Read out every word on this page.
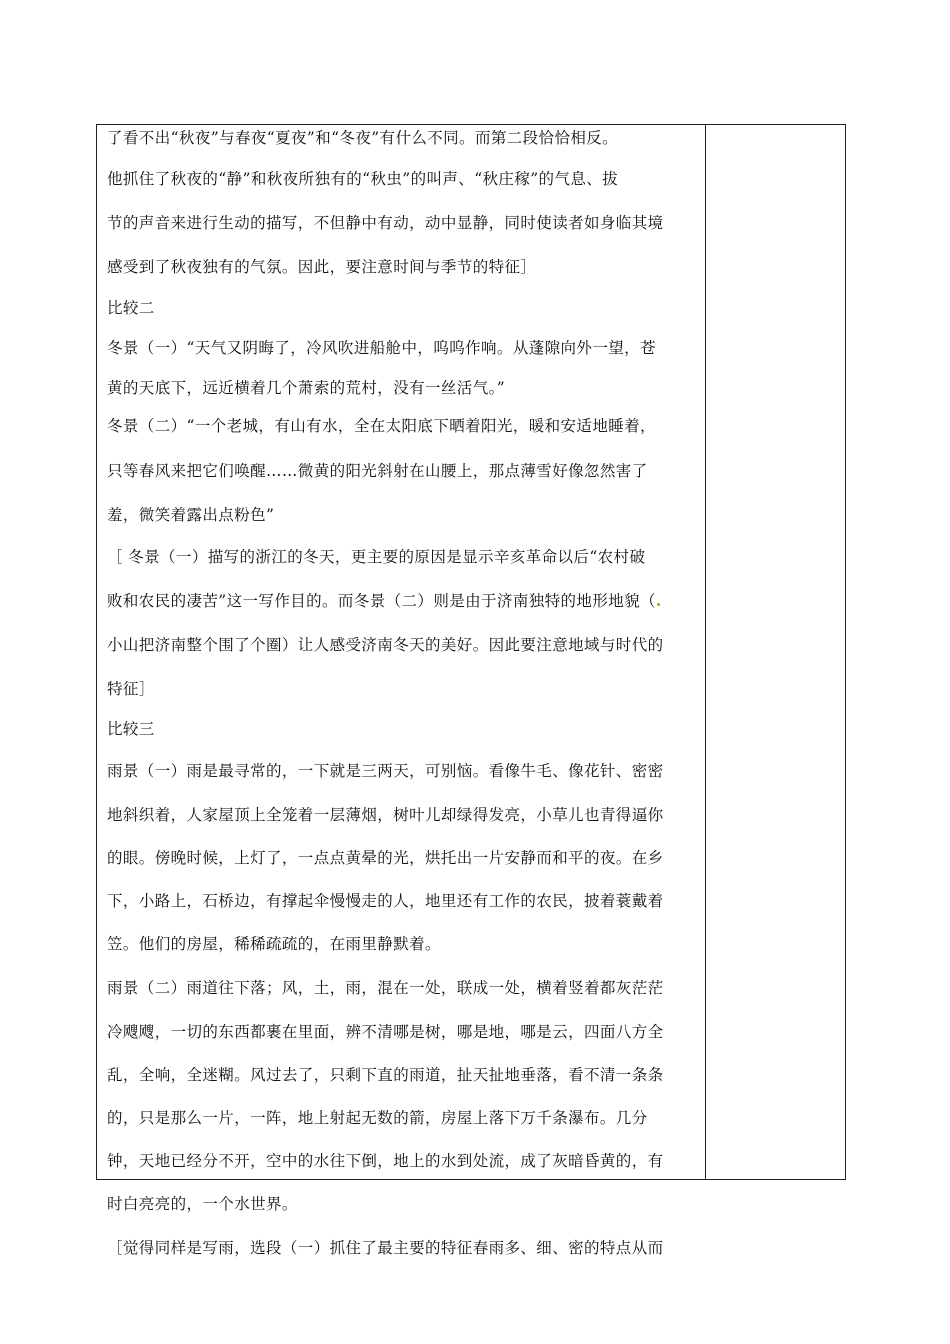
了看不出“秋夜”与春夜“夏夜”和“冬夜”有什么不同。而第二段恰恰相反。
他抓住了秋夜的“静”和秋夜所独有的“秋虫”的叫声、“秋庄稼”的气息、拔
节的声音来进行生动的描写，不但静中有动，动中显静，同时使读者如身临其境
感受到了秋夜独有的气氛。因此，要注意时间与季节的特征］
比较二
冬景（一）“天气又阴晦了，冷风吹进船舱中，呜呜作响。从蓬隙向外一望，苍
黄的天底下，远近横着几个萧索的荒村，没有一丝活气。”
冬景（二）“一个老城，有山有水，全在太阳底下晒着阳光，暖和安适地睡着，
只等春风来把它们唤醒……微黄的阳光斜射在山腰上，那点薄雪好像忽然害了
羞，微笑着露出点粉色”
［ 冬景（一）描写的浙江的冬天，更主要的原因是显示辛亥革命以后“农村破
败和农民的凄苦”这一写作目的。而冬景（二）则是由于济南独特的地形地貌（
小山把济南整个围了个圈）让人感受济南冬天的美好。因此要注意地域与时代的
特征］
比较三
雨景（一）雨是最寻常的，一下就是三两天，可别恼。看像牛毛、像花针、密密
地斜织着，人家屋顶上全笼着一层薄烟，树叶儿却绿得发亮，小草儿也青得逼你
的眼。傍晚时候，上灯了，一点点黄晕的光，烘托出一片安静而和平的夜。在乡
下，小路上，石桥边，有撑起伞慢慢走的人，地里还有工作的农民，披着蓑戴着
笠。他们的房屋，稀稀疏疏的，在雨里静默着。
雨景（二）雨道往下落；风，土，雨，混在一处，联成一处，横着竖着都灰茫茫
冷飕飕，一切的东西都裹在里面，辨不清哪是树，哪是地，哪是云，四面八方全
乱，全响，全迷糊。风过去了，只剩下直的雨道，扯天扯地垂落，看不清一条条
的，只是那么一片，一阵，地上射起无数的箭，房屋上落下万千条瀑布。几分
钟，天地已经分不开，空中的水往下倒，地上的水到处流，成了灰暗昏黄的，有
时白亮亮的，一个水世界。
［觉得同样是写雨，选段（一）抓住了最主要的特征春雨多、细、密的特点从而
